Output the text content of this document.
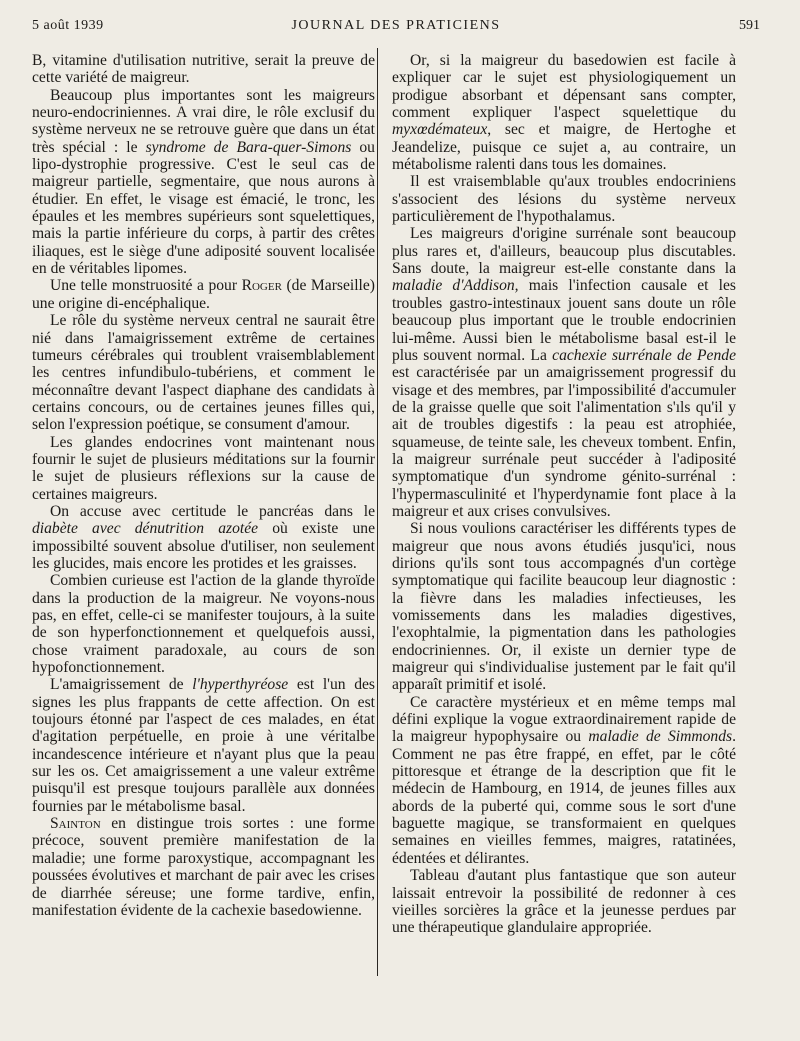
5 août 1939	JOURNAL DES PRATICIENS	591

B, vitamine d'utilisation nutritive, serait la preuve de cette variété de maigreur.

Beaucoup plus importantes sont les maigreurs neuro-endocriniennes. A vrai dire, le rôle exclusif du système nerveux ne se retrouve guère que dans un état très spécial : le syndrome de Bara-quer-Simons ou lipo-dystrophie progressive. C'est le seul cas de maigreur partielle, segmentaire, que nous aurons à étudier. En effet, le visage est émacié, le tronc, les épaules et les membres supérieurs sont squelettiques, mais la partie inférieure du corps, à partir des crêtes iliaques, est le siège d'une adiposité souvent localisée en de véritables lipomes.

Une telle monstruosité a pour Roger (de Marseille) une origine di-encéphalique.

Le rôle du système nerveux central ne saurait être nié dans l'amaigrissement extrême de certaines tumeurs cérébrales qui troublent vraisemblablement les centres infundibulo-tubériens, et comment le méconnaître devant l'aspect diaphane des candidats à certains concours, ou de certaines jeunes filles qui, selon l'expression poétique, se consument d'amour.

Les glandes endocrines vont maintenant nous fournir le sujet de plusieurs méditations sur la fournir le sujet de plusieurs réflexions sur la cause de certaines maigreurs.

On accuse avec certitude le pancréas dans le diabète avec dénutrition azotée où existe une impossibilté souvent absolue d'utiliser, non seulement les glucides, mais encore les protides et les graisses.

Combien curieuse est l'action de la glande thyroïde dans la production de la maigreur. Ne voyons-nous pas, en effet, celle-ci se manifester toujours, à la suite de son hyperfonctionnement et quelquefois aussi, chose vraiment paradoxale, au cours de son hypofonctionnement.

L'amaigrissement de l'hyperthyréose est l'un des signes les plus frappants de cette affection. On est toujours étonné par l'aspect de ces malades, en état d'agitation perpétuelle, en proie à une véritalbe incandescence intérieure et n'ayant plus que la peau sur les os. Cet amaigrissement a une valeur extrême puisqu'il est presque toujours parallèle aux données fournies par le métabolisme basal.

Sainton en distingue trois sortes : une forme précoce, souvent première manifestation de la maladie; une forme paroxystique, accompagnant les poussées évolutives et marchant de pair avec les crises de diarrhée séreuse; une forme tardive, enfin, manifestation évidente de la cachexie basedowienne.

Or, si la maigreur du basedowien est facile à expliquer car le sujet est physiologiquement un prodigue absorbant et dépensant sans compter, comment expliquer l'aspect squelettique du myxœdémateux, sec et maigre, de Hertoghe et Jeandelize, puisque ce sujet a, au contraire, un métabolisme ralenti dans tous les domaines.

Il est vraisemblable qu'aux troubles endocriniens s'associent des lésions du système nerveux particulièrement de l'hypothalamus.

Les maigreurs d'origine surrénale sont beaucoup plus rares et, d'ailleurs, beaucoup plus discutables. Sans doute, la maigreur est-elle constante dans la maladie d'Addison, mais l'infection causale et les troubles gastro-intestinaux jouent sans doute un rôle beaucoup plus important que le trouble endocrinien lui-même. Aussi bien le métabolisme basal est-il le plus souvent normal. La cachexie surrénale de Pende est caractérisée par un amaigrissement progressif du visage et des membres, par l'impossibilité d'accumuler de la graisse quelle que soit l'alimentation s'ıls qu'il y ait de troubles digestifs : la peau est atrophiée, squameuse, de teinte sale, les cheveux tombent. Enfin, la maigreur surrénale peut succéder à l'adiposité symptomatique d'un syndrome génito-surrénal : l'hypermasculinité et l'hyperdynamie font place à la maigreur et aux crises convulsives.

Si nous voulions caractériser les différents types de maigreur que nous avons étudiés jusqu'ici, nous dirions qu'ils sont tous accompagnés d'un cortège symptomatique qui facilite beaucoup leur diagnostic : la fièvre dans les maladies infectieuses, les vomissements dans les maladies digestives, l'exophtalmie, la pigmentation dans les pathologies endocriniennes. Or, il existe un dernier type de maigreur qui s'individualise justement par le fait qu'il apparaît primitif et isolé.

Ce caractère mystérieux et en même temps mal défini explique la vogue extraordinairement rapide de la maigreur hypophysaire ou maladie de Simmonds. Comment ne pas être frappé, en effet, par le côté pittoresque et étrange de la description que fit le médecin de Hambourg, en 1914, de jeunes filles aux abords de la puberté qui, comme sous le sort d'une baguette magique, se transformaient en quelques semaines en vieilles femmes, maigres, ratatinées, édentées et délirantes.

Tableau d'autant plus fantastique que son auteur laissait entrevoir la possibilité de redonner à ces vieilles sorcières la grâce et la jeunesse perdues par une thérapeutique glandulaire appropriée.
